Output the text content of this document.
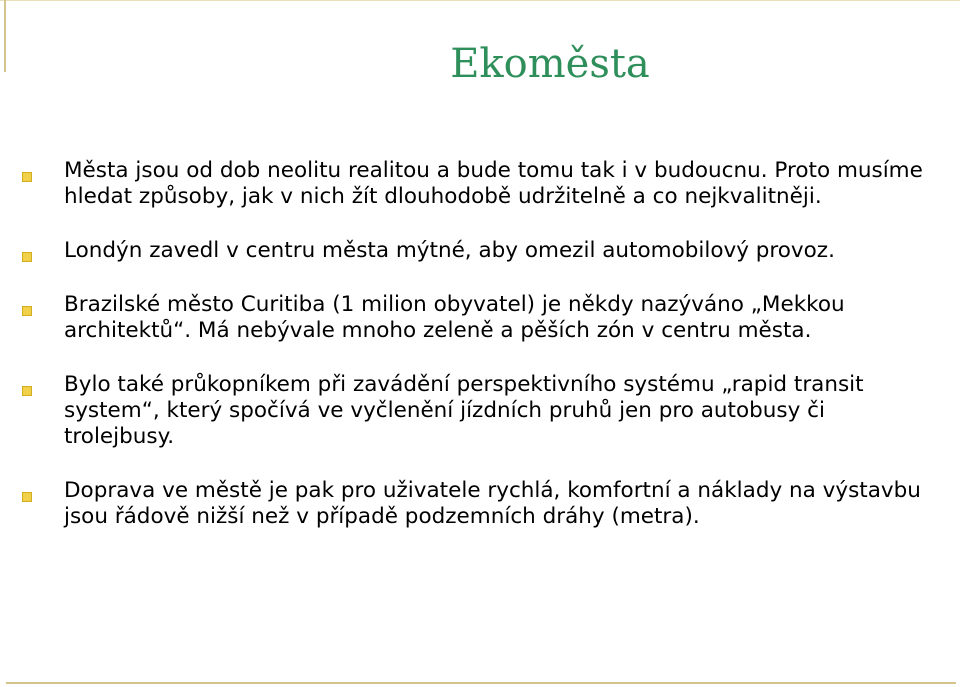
Ekoměsta
Města jsou od dob neolitu realitou a bude tomu tak i v budoucnu. Proto musíme hledat způsoby, jak v nich žít dlouhodobě udržitelně a co nejkvalitněji.
Londýn zavedl v centru města mýtné, aby omezil automobilový provoz.
Brazilské město Curitiba (1 milion obyvatel) je někdy nazýváno „Mekkou architektů“. Má nebývale mnoho zeleně a pěších zón v centru města.
Bylo také průkopníkem při zavádění perspektivního systému „rapid transit system“, který spočívá ve vyčlenění jízdních pruhů jen pro autobusy či trolejbusy.
Doprava ve městě je pak pro uživatele rychlá, komfortní a náklady na výstavbu jsou řádově nižší než v případě podzemních dráhy (metra).
